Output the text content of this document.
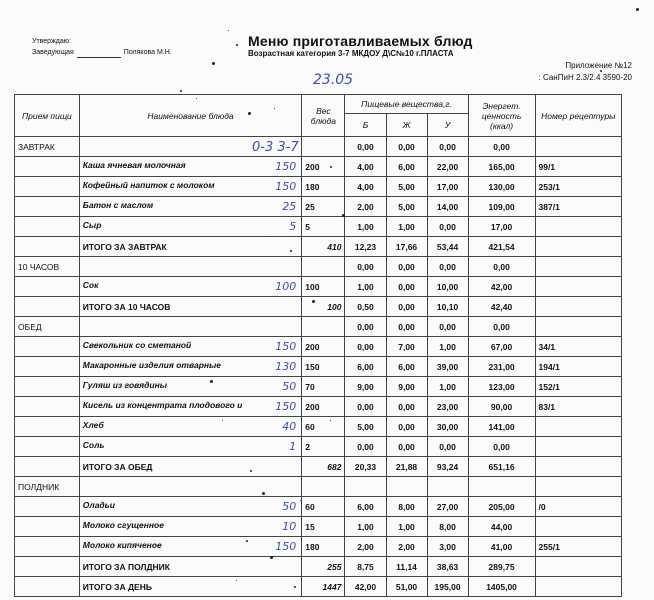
Утверждаю:
Заведующая	Полякова М.Н.
Меню приготавливаемых блюд
Возрастная категория 3-7 МКДОУ Д\С№10 г.ПЛАСТА
Приложение №12
: СанПиН 2.3/2.4 3590-20
23.05
0-3 3-7
Прием пищи	Наименование блюда	Вес блюда	Пищевые вещества,г.			Энергет. ценность (ккал)	Номер рецептуры
			Б	Ж	У		
ЗАВТРАК			0,00	0,00	0,00	0,00	
	Каша ячневая молочная 150	200	4,00	6,00	22,00	165,00	99/1
	Кофейный напиток с молоком 150	180	4,00	5,00	17,00	130,00	253/1
	Батон с маслом 25	25	2,00	5,00	14,00	109,00	387/1
	Сыр 5	5	1,00	1,00	0,00	17,00	
	ИТОГО ЗА ЗАВТРАК	410	12,23	17,66	53,44	421,54	
10 ЧАСОВ			0,00	0,00	0,00	0,00	
	Сок 100	100	1,00	0,00	10,00	42,00	
	ИТОГО ЗА 10 ЧАСОВ	100	0,50	0,00	10,10	42,40	
ОБЕД			0,00	0,00	0,00	0,00	
	Свекольник со сметаной 150	200	0,00	7,00	1,00	67,00	34/1
	Макаронные изделия отварные 130	150	6,00	6,00	39,00	231,00	194/1
	Гуляш из говядины 50	70	9,00	9,00	1,00	123,00	152/1
	Кисель из концентрата плодового и 150	200	0,00	0,00	23,00	90,00	83/1
	Хлеб 40	60	5,00	0,00	30,00	141,00	
	Соль 1	2	0,00	0,00	0,00	0,00	
	ИТОГО ЗА ОБЕД	682	20,33	21,88	93,24	651,16	
ПОЛДНИК							
	Оладьи 50	60	6,00	8,00	27,00	205,00	/0
	Молоко сгущенное 10	15	1,00	1,00	8,00	44,00	
	Молоко кипяченое 150	180	2,00	2,00	3,00	41,00	255/1
	ИТОГО ЗА ПОЛДНИК	255	8,75	11,14	38,63	289,75	
	ИТОГО ЗА ДЕНЬ	1447	42,00	51,00	195,00	1405,00	
